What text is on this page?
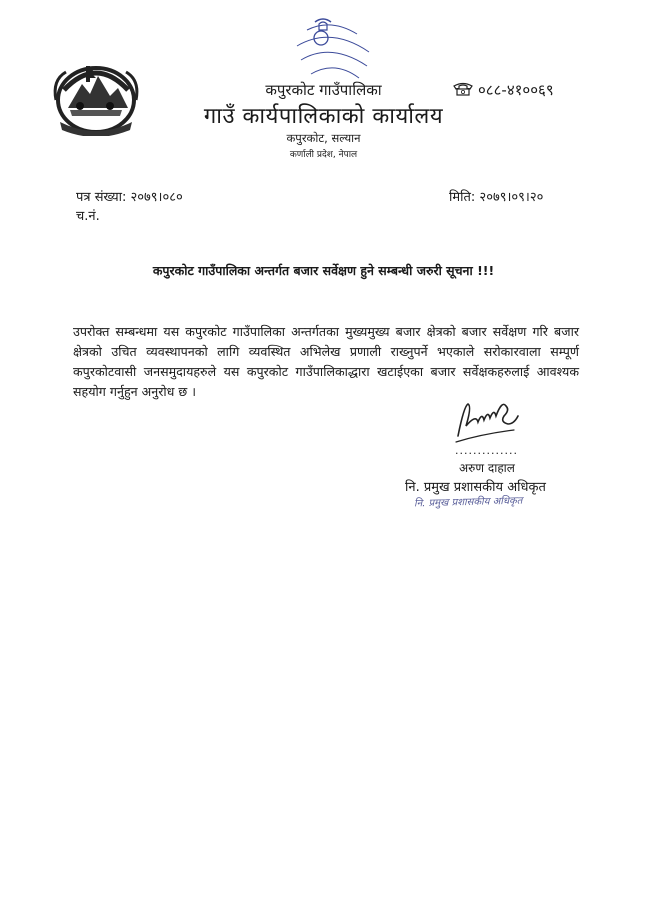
कपुरकोट गाउँपालिका
गाउँ कार्यपालिकाको कार्यालय
कपुरकोट, सल्यान
कर्णाली प्रदेश, नेपाल
०८८-४१००६९
पत्र संख्या: २०७९।०८०
च.नं.
मिति: २०७९।०९।२०
कपुरकोट गाउँपालिका अन्तर्गत बजार सर्वेक्षण हुने सम्बन्धी जरुरी सूचना !!!
उपरोक्त सम्बन्धमा यस कपुरकोट गाउँपालिका अन्तर्गतका मुख्यमुख्य बजार क्षेत्रको बजार सर्वेक्षण गरि बजार क्षेत्रको उचित व्यवस्थापनको लागि व्यवस्थित अभिलेख प्रणाली राख्नुपर्ने भएकाले सरोकारवाला सम्पूर्ण कपुरकोटवासी जनसमुदायहरुले यस कपुरकोट गाउँपालिकाद्धारा खटाईएका बजार सर्वेक्षकहरुलाई आवश्यक सहयोग गर्नुहुन अनुरोध छ ।
..............
अरुण दाहाल
नि. प्रमुख प्रशासकीय अधिकृत
नि. प्रमुख प्रशासकीय अधिकृत
